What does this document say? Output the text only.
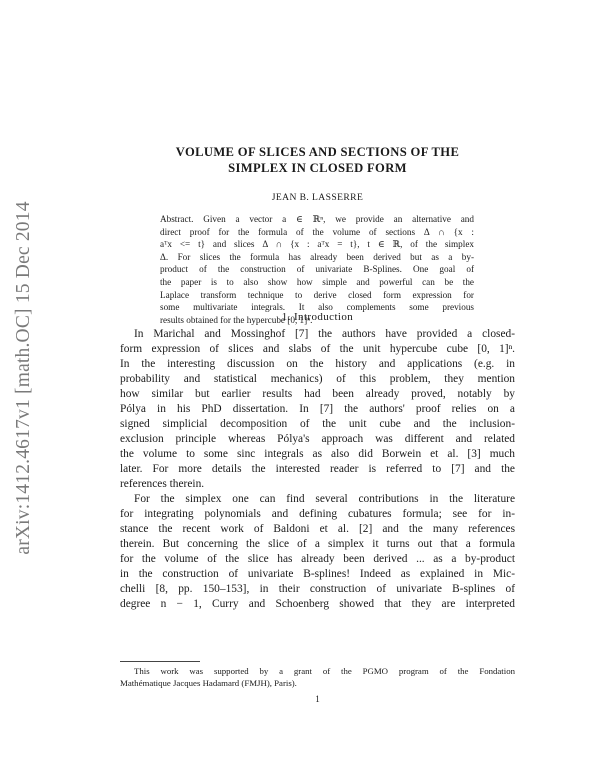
arXiv:1412.4617v1 [math.OC] 15 Dec 2014
VOLUME OF SLICES AND SECTIONS OF THE
SIMPLEX IN CLOSED FORM
JEAN B. LASSERRE
Abstract. Given a vector a ∈ ℝⁿ, we provide an alternative and
direct proof for the formula of the volume of sections Δ ∩ {x :
aᵀx <= t} and slices Δ ∩ {x : aᵀx = t}, t ∈ ℝ, of the simplex
Δ. For slices the formula has already been derived but as a by-
product of the construction of univariate B-Splines. One goal of
the paper is to also show how simple and powerful can be the
Laplace transform technique to derive closed form expression for
some multivariate integrals. It also complements some previous
results obtained for the hypercube [0, 1]ⁿ.
1. Introduction
In Marichal and Mossinghof [7] the authors have provided a closed-
form expression of slices and slabs of the unit hypercube cube [0, 1]ⁿ.
In the interesting discussion on the history and applications (e.g. in
probability and statistical mechanics) of this problem, they mention
how similar but earlier results had been already proved, notably by
Pólya in his PhD dissertation. In [7] the authors' proof relies on a
signed simplicial decomposition of the unit cube and the inclusion-
exclusion principle whereas Pólya's approach was different and related
the volume to some sinc integrals as also did Borwein et al. [3] much
later. For more details the interested reader is referred to [7] and the
references therein.
For the simplex one can find several contributions in the literature
for integrating polynomials and defining cubatures formula; see for in-
stance the recent work of Baldoni et al. [2] and the many references
therein. But concerning the slice of a simplex it turns out that a formula
for the volume of the slice has already been derived ... as a by-product
in the construction of univariate B-splines! Indeed as explained in Mic-
chelli [8, pp. 150–153], in their construction of univariate B-splines of
degree n − 1, Curry and Schoenberg showed that they are interpreted
This work was supported by a grant of the PGMO program of the Fondation
Mathématique Jacques Hadamard (FMJH), Paris).
1
